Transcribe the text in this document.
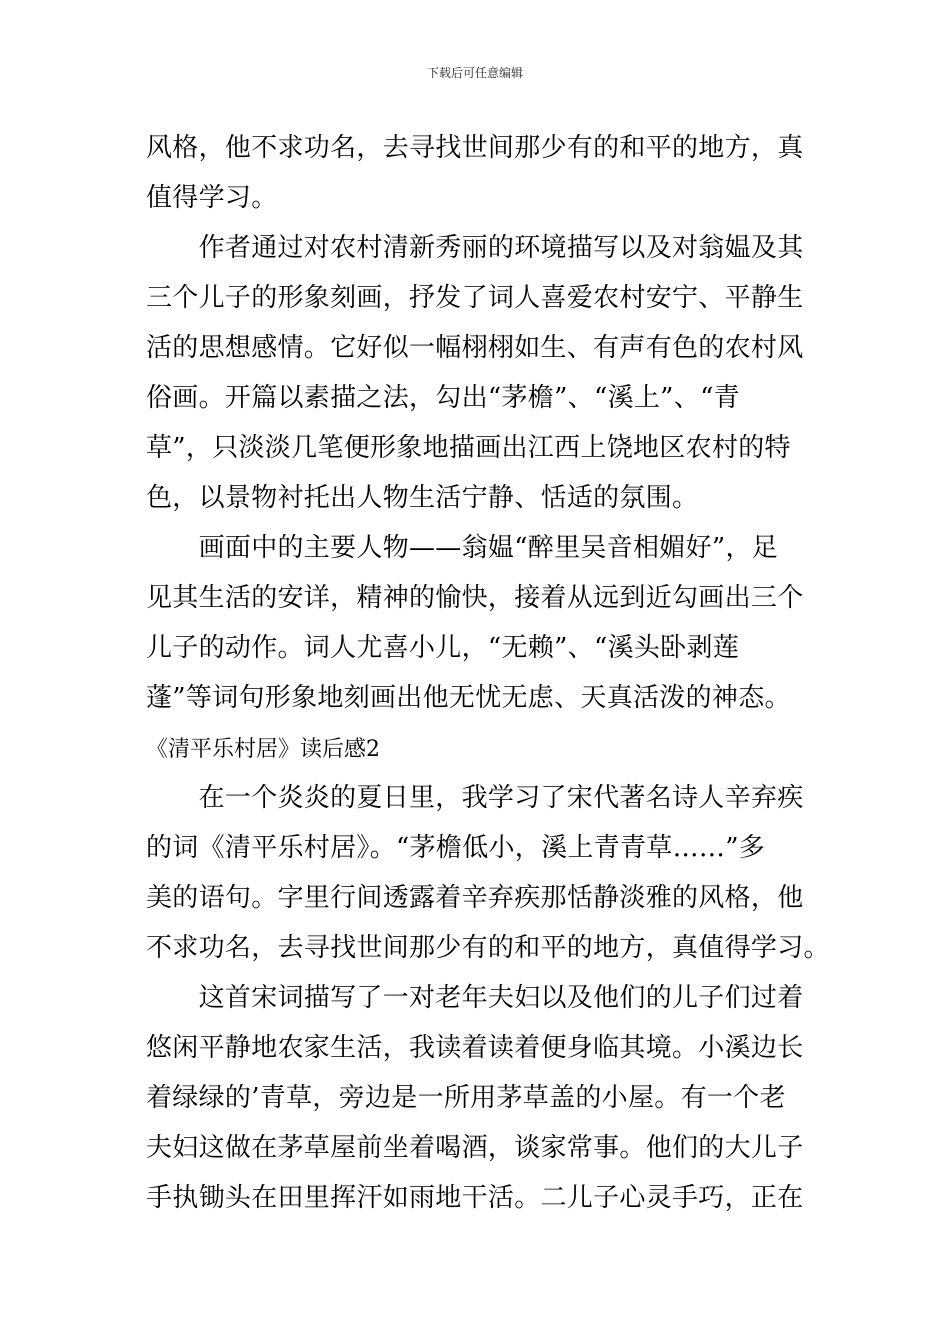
下载后可任意编辑
风格，他不求功名，去寻找世间那少有的和平的地方，真
值得学习。
　　作者通过对农村清新秀丽的环境描写以及对翁媪及其
三个儿子的形象刻画，抒发了词人喜爱农村安宁、平静生
活的思想感情。它好似一幅栩栩如生、有声有色的农村风
俗画。开篇以素描之法，勾出“茅檐”、“溪上”、“青
草”，只淡淡几笔便形象地描画出江西上饶地区农村的特
色，以景物衬托出人物生活宁静、恬适的氛围。
　　画面中的主要人物——翁媪“醉里吴音相媚好”，足
见其生活的安详，精神的愉快，接着从远到近勾画出三个
儿子的动作。词人尤喜小儿，“无赖”、“溪头卧剥莲
蓬”等词句形象地刻画出他无忧无虑、天真活泼的神态。
《清平乐村居》读后感2
　　在一个炎炎的夏日里，我学习了宋代著名诗人辛弃疾
的词《清平乐村居》。“茅檐低小，溪上青青草……”多
美的语句。字里行间透露着辛弃疾那恬静淡雅的风格，他
不求功名，去寻找世间那少有的和平的地方，真值得学习。
　　这首宋词描写了一对老年夫妇以及他们的儿子们过着
悠闲平静地农家生活，我读着读着便身临其境。小溪边长
着绿绿的’青草，旁边是一所用茅草盖的小屋。有一个老
夫妇这做在茅草屋前坐着喝酒，谈家常事。他们的大儿子
手执锄头在田里挥汗如雨地干活。二儿子心灵手巧，正在
